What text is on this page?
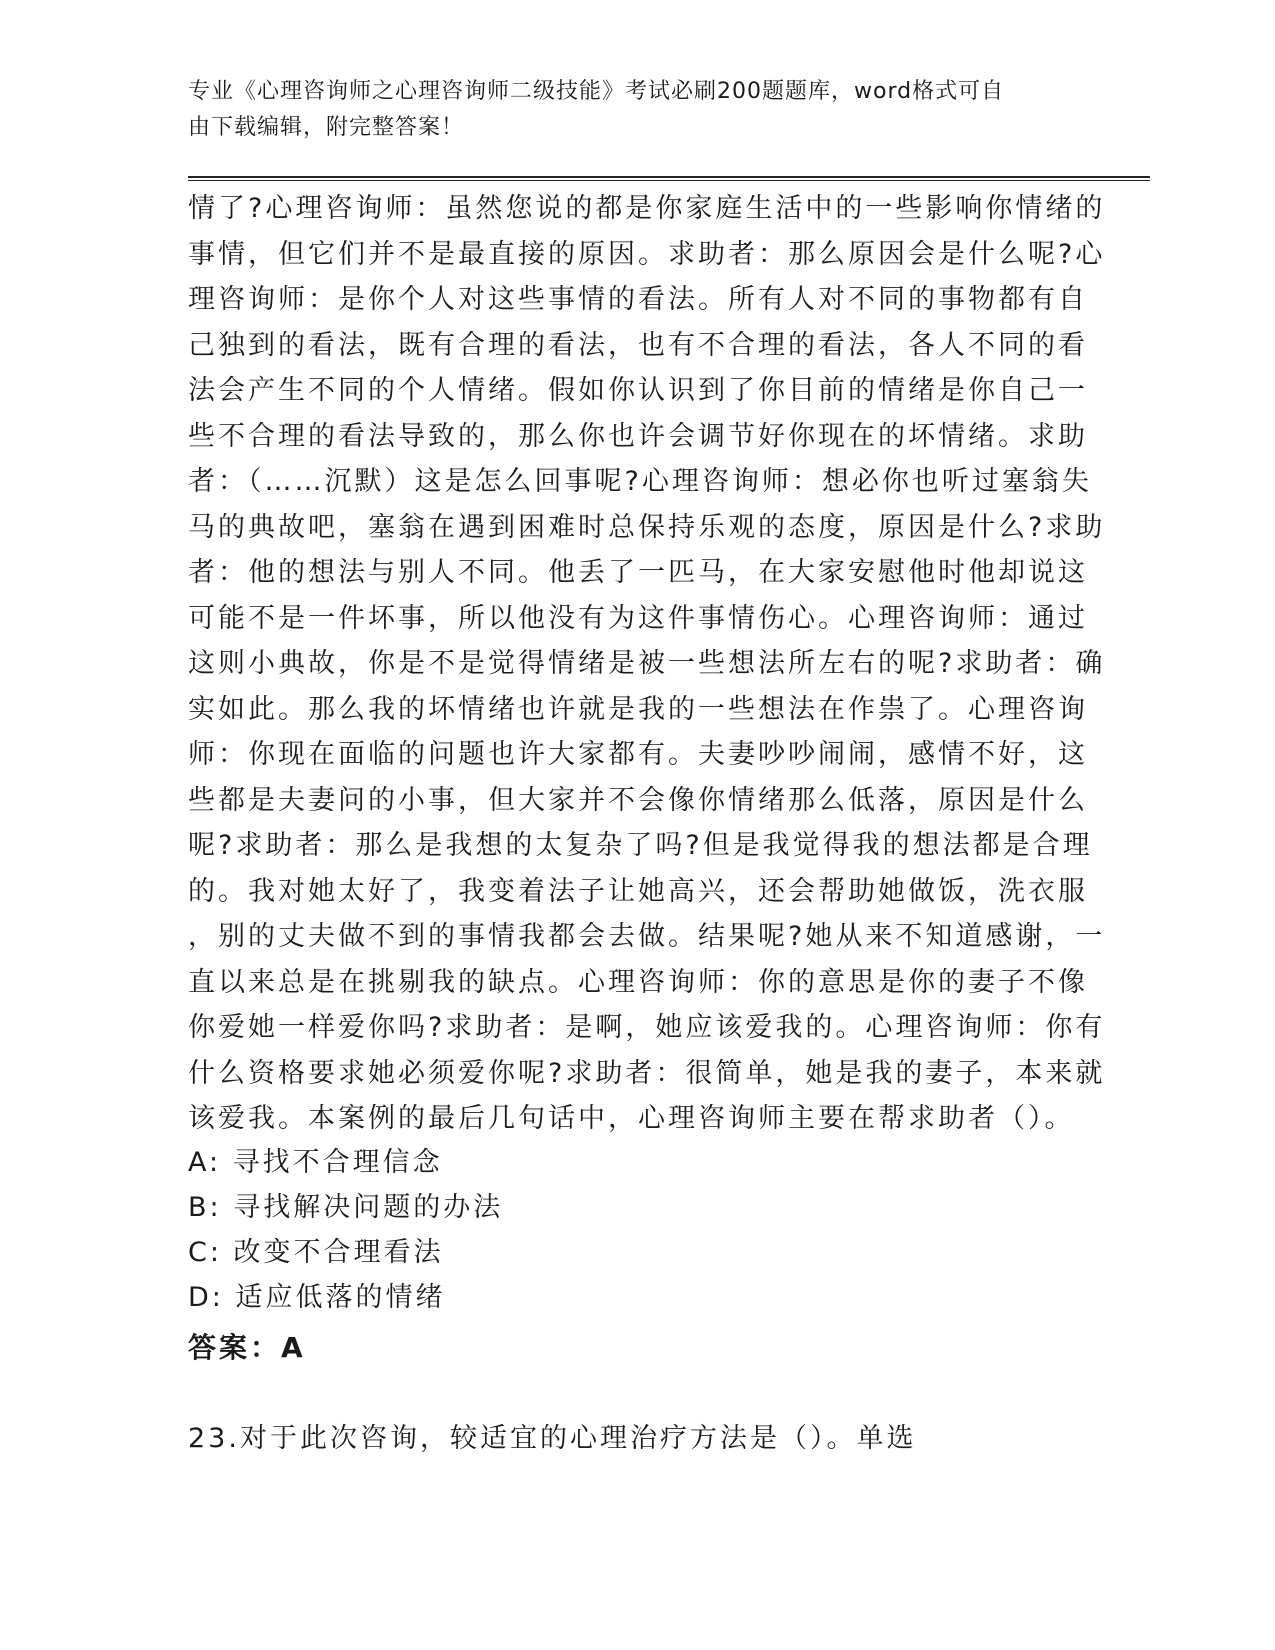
专业《心理咨询师之心理咨询师二级技能》考试必刷200题题库，word格式可自
由下载编辑，附完整答案！
情了?心理咨询师：虽然您说的都是你家庭生活中的一些影响你情绪的
事情，但它们并不是最直接的原因。求助者：那么原因会是什么呢?心
理咨询师：是你个人对这些事情的看法。所有人对不同的事物都有自
己独到的看法，既有合理的看法，也有不合理的看法，各人不同的看
法会产生不同的个人情绪。假如你认识到了你目前的情绪是你自己一
些不合理的看法导致的，那么你也许会调节好你现在的坏情绪。求助
者：（……沉默）这是怎么回事呢?心理咨询师：想必你也听过塞翁失
马的典故吧，塞翁在遇到困难时总保持乐观的态度，原因是什么?求助
者：他的想法与别人不同。他丢了一匹马，在大家安慰他时他却说这
可能不是一件坏事，所以他没有为这件事情伤心。心理咨询师：通过
这则小典故，你是不是觉得情绪是被一些想法所左右的呢?求助者：确
实如此。那么我的坏情绪也许就是我的一些想法在作祟了。心理咨询
师：你现在面临的问题也许大家都有。夫妻吵吵闹闹，感情不好，这
些都是夫妻问的小事，但大家并不会像你情绪那么低落，原因是什么
呢?求助者：那么是我想的太复杂了吗?但是我觉得我的想法都是合理
的。我对她太好了，我变着法子让她高兴，还会帮助她做饭，洗衣服
，别的丈夫做不到的事情我都会去做。结果呢?她从来不知道感谢，一
直以来总是在挑剔我的缺点。心理咨询师：你的意思是你的妻子不像
你爱她一样爱你吗?求助者：是啊，她应该爱我的。心理咨询师：你有
什么资格要求她必须爱你呢?求助者：很简单，她是我的妻子，本来就
该爱我。本案例的最后几句话中，心理咨询师主要在帮求助者（）。
A: 寻找不合理信念
B: 寻找解决问题的办法
C: 改变不合理看法
D: 适应低落的情绪
答案：A
23.对于此次咨询，较适宜的心理治疗方法是（）。单选
